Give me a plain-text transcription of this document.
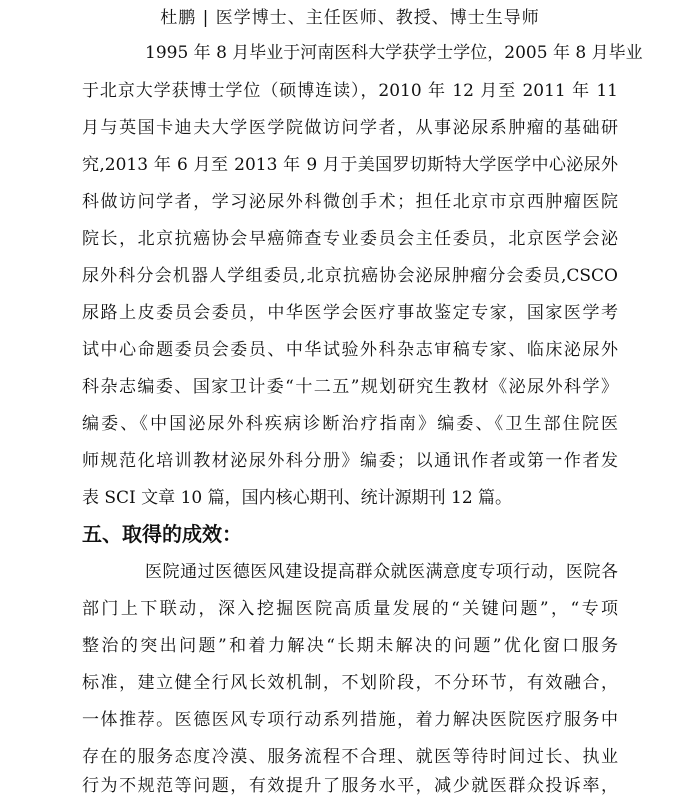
杜鹏 | 医学博士、主任医师、教授、博士生导师
1995 年 8 月毕业于河南医科大学获学士学位，2005 年 8 月毕业
于北京大学获博士学位（硕博连读），2010 年 12 月至 2011 年 11
月与英国卡迪夫大学医学院做访问学者，从事泌尿系肿瘤的基础研
究,2013 年 6 月至 2013 年 9 月于美国罗切斯特大学医学中心泌尿外
科做访问学者，学习泌尿外科微创手术；担任北京市京西肿瘤医院
院长，北京抗癌协会早癌筛查专业委员会主任委员，北京医学会泌
尿外科分会机器人学组委员,北京抗癌协会泌尿肿瘤分会委员,CSCO
尿路上皮委员会委员，中华医学会医疗事故鉴定专家，国家医学考
试中心命题委员会委员、中华试验外科杂志审稿专家、临床泌尿外
科杂志编委、国家卫计委“十二五”规划研究生教材《泌尿外科学》
编委、《中国泌尿外科疾病诊断治疗指南》编委、《卫生部住院医
师规范化培训教材泌尿外科分册》编委；以通讯作者或第一作者发
表 SCI 文章 10 篇，国内核心期刊、统计源期刊 12 篇。
五、取得的成效：
医院通过医德医风建设提高群众就医满意度专项行动，医院各
部门上下联动，深入挖掘医院高质量发展的“关键问题”，“专项
整治的突出问题”和着力解决“长期未解决的问题”优化窗口服务
标准，建立健全行风长效机制，不划阶段，不分环节，有效融合，
一体推荐。医德医风专项行动系列措施，着力解决医院医疗服务中
存在的服务态度冷漠、服务流程不合理、就医等待时间过长、执业
行为不规范等问题，有效提升了服务水平，减少就医群众投诉率，
